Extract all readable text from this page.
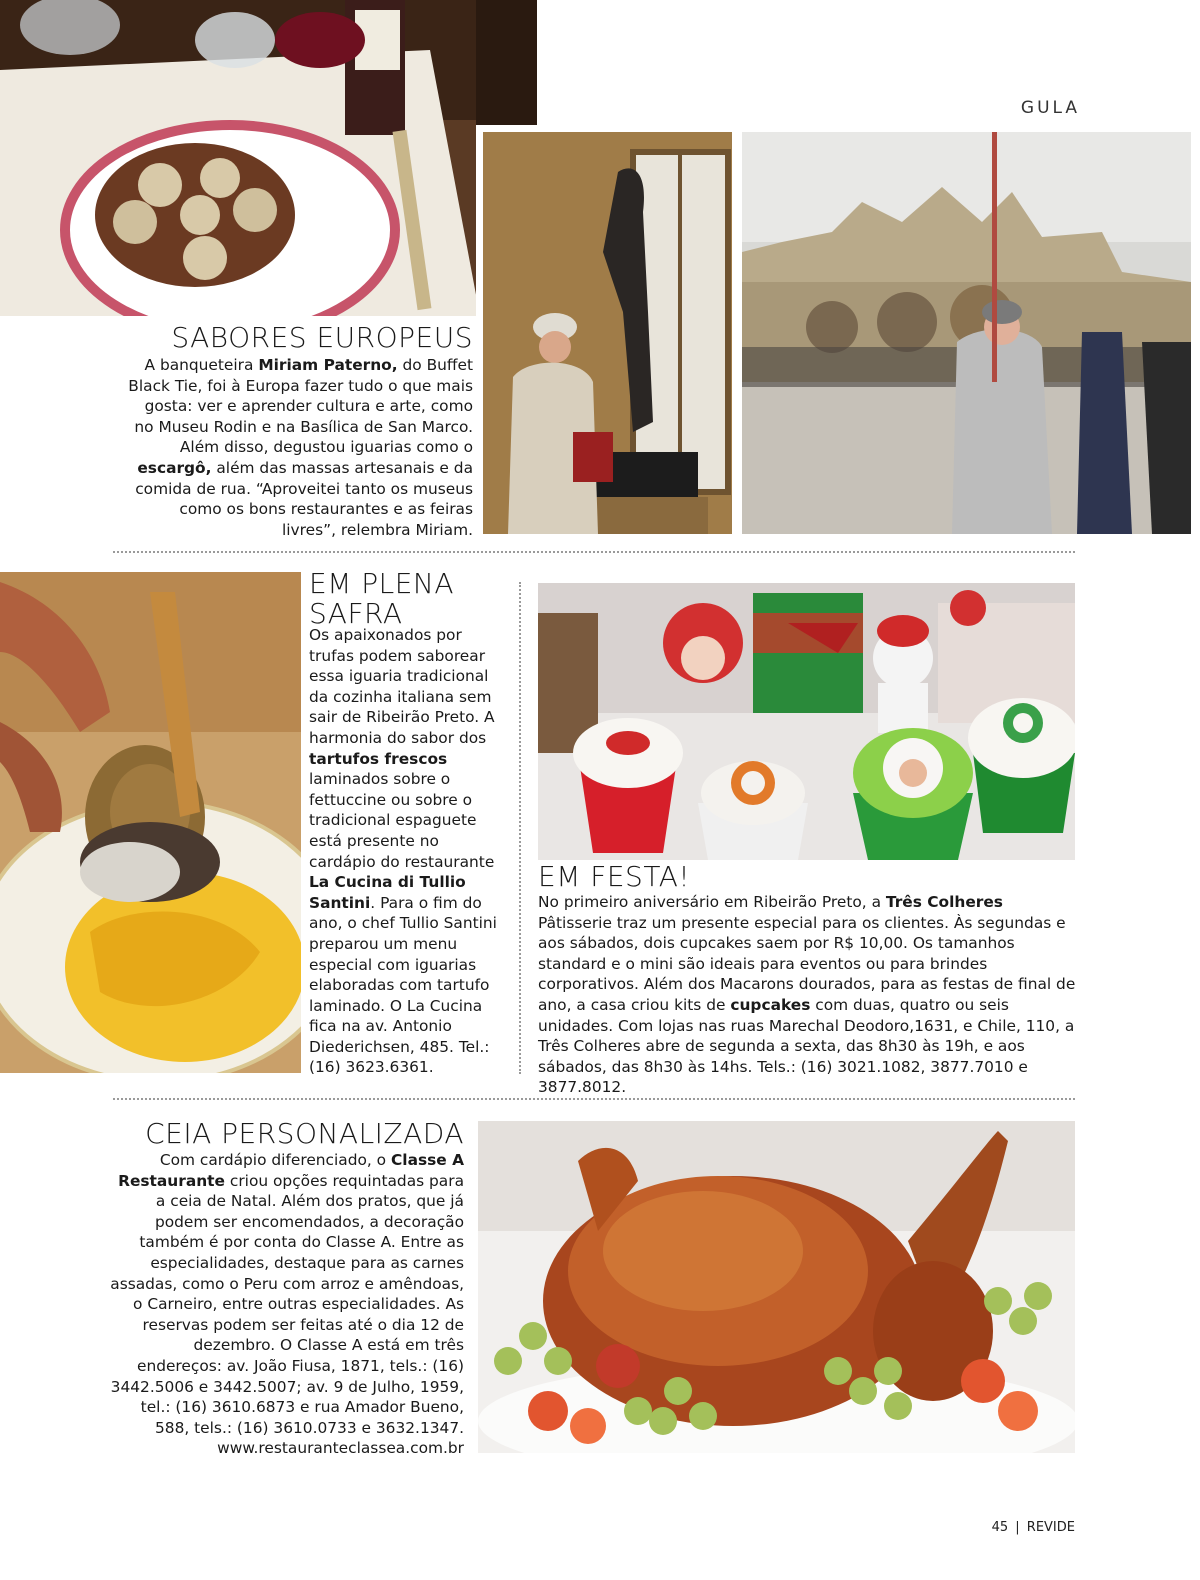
GULA
SABORES EUROPEUS
A banqueteira Miriam Paterno, do Buffet Black Tie, foi à Europa fazer tudo o que mais gosta: ver e aprender cultura e arte, como no Museu Rodin e na Basílica de San Marco. Além disso, degustou iguarias como o escargô, além das massas artesanais e da comida de rua. “Aproveitei tanto os museus como os bons restaurantes e as feiras livres”, relembra Miriam.
EM PLENA
SAFRA
Os apaixonados por trufas podem saborear essa iguaria tradicional da cozinha italiana sem sair de Ribeirão Preto. A harmonia do sabor dos tartufos frescos laminados sobre o fettuccine ou sobre o tradicional espaguete está presente no cardápio do restaurante La Cucina di Tullio Santini. Para o fim do ano, o chef Tullio Santini preparou um menu especial com iguarias elaboradas com tartufo laminado. O La Cucina fica na av. Antonio Diederichsen, 485. Tel.: (16) 3623.6361.
EM FESTA!
No primeiro aniversário em Ribeirão Preto, a Três Colheres Pâtisserie traz um presente especial para os clientes. Às segundas e aos sábados, dois cupcakes saem por R$ 10,00. Os tamanhos standard e o mini são ideais para eventos ou para brindes corporativos. Além dos Macarons dourados, para as festas de final de ano, a casa criou kits de cupcakes com duas, quatro ou seis unidades. Com lojas nas ruas Marechal Deodoro,1631, e Chile, 110, a Três Colheres abre de segunda a sexta, das 8h30 às 19h, e aos sábados, das 8h30 às 14hs. Tels.: (16) 3021.1082, 3877.7010 e 3877.8012.
CEIA PERSONALIZADA
Com cardápio diferenciado, o Classe A Restaurante criou opções requintadas para a ceia de Natal. Além dos pratos, que já podem ser encomendados, a decoração também é por conta do Classe A. Entre as especialidades, destaque para as carnes assadas, como o Peru com arroz e amêndoas, o Carneiro, entre outras especialidades. As reservas podem ser feitas até o dia 12 de dezembro. O Classe A está em três endereços: av. João Fiusa, 1871, tels.: (16) 3442.5006 e 3442.5007; av. 9 de Julho, 1959, tel.: (16) 3610.6873 e rua Amador Bueno, 588, tels.: (16) 3610.0733 e 3632.1347. www.restauranteclassea.com.br
45 | REVIDE
